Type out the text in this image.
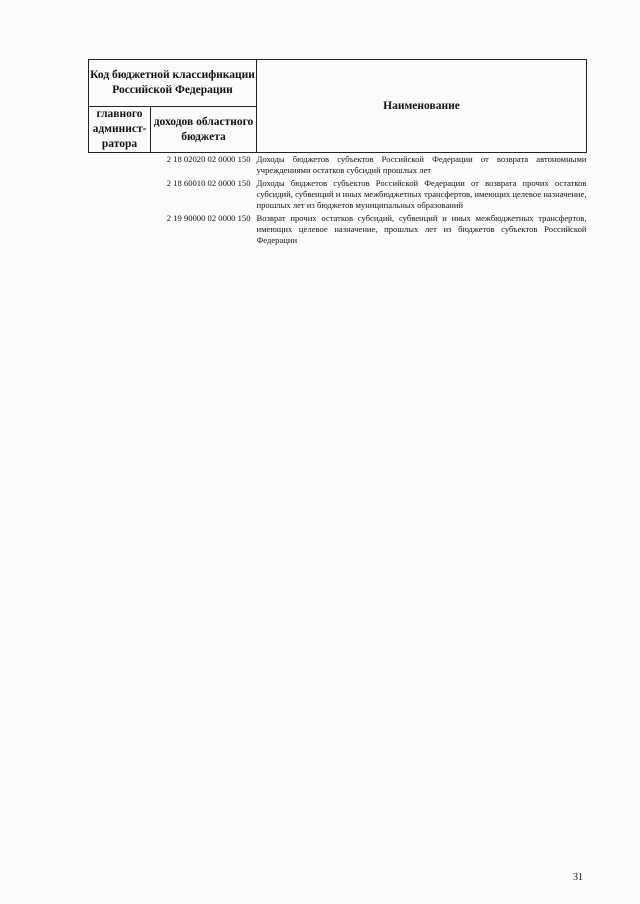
Код бюджетной классификации Российской Федерации		Наименование
главного админист-ратора	доходов областного бюджета	
	2 18 02020 02 0000 150	Доходы бюджетов субъектов Российской Федерации от возврата автономными учреждениями остатков субсидий прошлых лет
	2 18 60010 02 0000 150	Доходы бюджетов субъектов Российской Федерации от возврата прочих остатков субсидий, субвенций и иных межбюджетных трансфертов, имеющих целевое назначение, прошлых лет из бюджетов муниципальных образований
	2 19 90000 02 0000 150	Возврат прочих остатков субсидий, субвенций и иных межбюджетных трансфертов, имеющих целевое назначение, прошлых лет из бюджетов субъектов Российской Федерации
31
